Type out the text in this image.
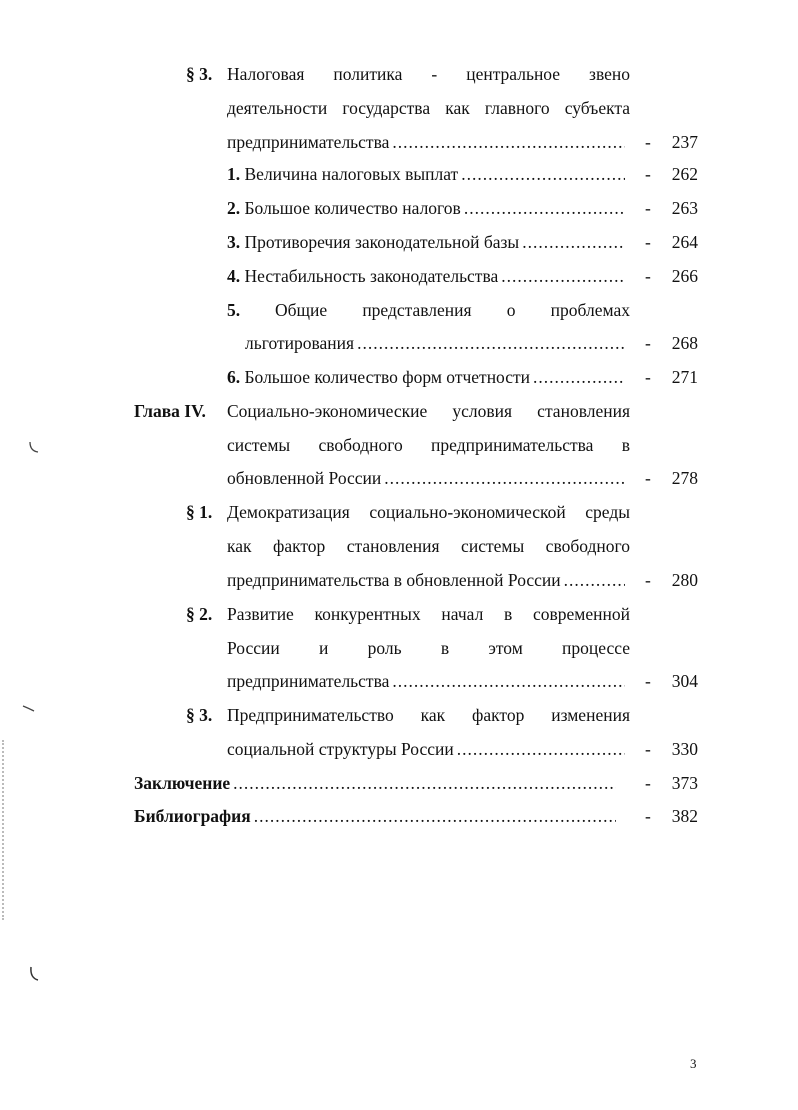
§ 3. Налоговая политика - центральное звено
деятельности государства как главного субъекта
предпринимательства .....	- 237
1. Величина налоговых выплат .....	- 262
2. Большое количество налогов .....	- 263
3. Противоречия законодательной базы .....	- 264
4. Нестабильность законодательства .....	- 266
5. Общие представления о проблемах
льготирования .....	- 268
6. Большое количество форм отчетности .....	- 271
Глава IV. Социально-экономические условия становления
системы свободного предпринимательства в
обновленной России .....	- 278
§ 1. Демократизация социально-экономической среды
как фактор становления системы свободного
предпринимательства в обновленной России .....	- 280
§ 2. Развитие конкурентных начал в современной
России и роль в этом процессе
предпринимательства .....	- 304
§ 3. Предпринимательство как фактор изменения
социальной структуры России .....	- 330
Заключение .....	- 373
Библиография .....	- 382
3
